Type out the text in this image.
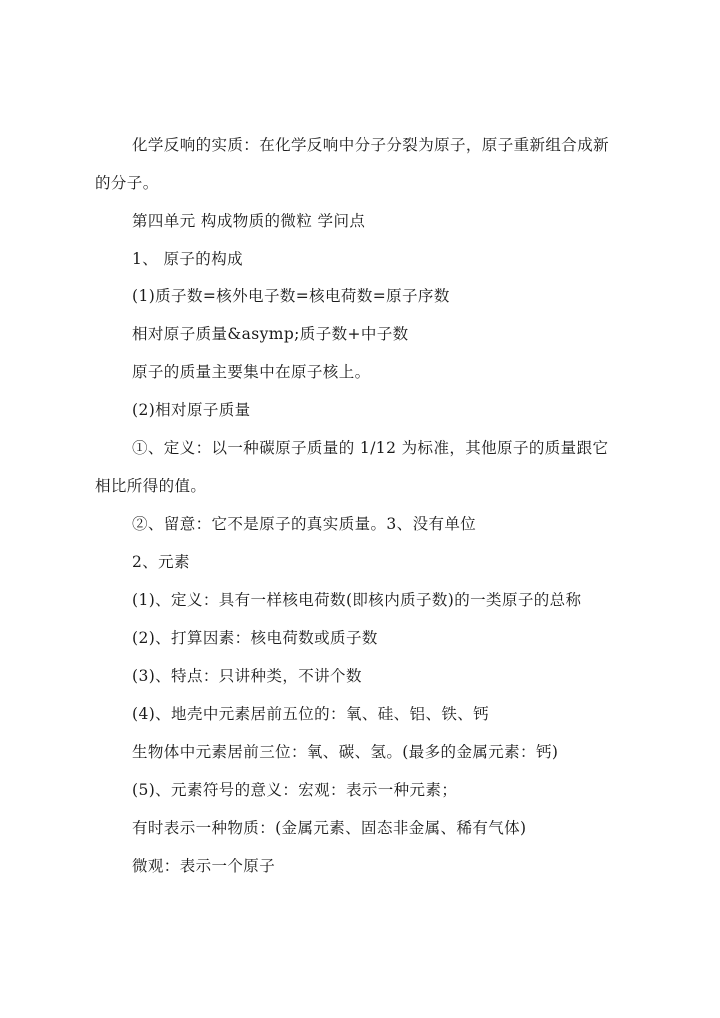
化学反响的实质：在化学反响中分子分裂为原子，原子重新组合成新
的分子。
第四单元 构成物质的微粒 学问点
1、 原子的构成
(1)质子数=核外电子数=核电荷数=原子序数
相对原子质量&asymp;质子数+中子数
原子的质量主要集中在原子核上。
(2)相对原子质量
①、定义：以一种碳原子质量的 1/12 为标准，其他原子的质量跟它
相比所得的值。
②、留意：它不是原子的真实质量。3、没有单位
2、元素
(1)、定义：具有一样核电荷数(即核内质子数)的一类原子的总称
(2)、打算因素：核电荷数或质子数
(3)、特点：只讲种类，不讲个数
(4)、地壳中元素居前五位的：氧、硅、铝、铁、钙
生物体中元素居前三位：氧、碳、氢。(最多的金属元素：钙)
(5)、元素符号的意义：宏观：表示一种元素；
有时表示一种物质：(金属元素、固态非金属、稀有气体)
微观：表示一个原子
